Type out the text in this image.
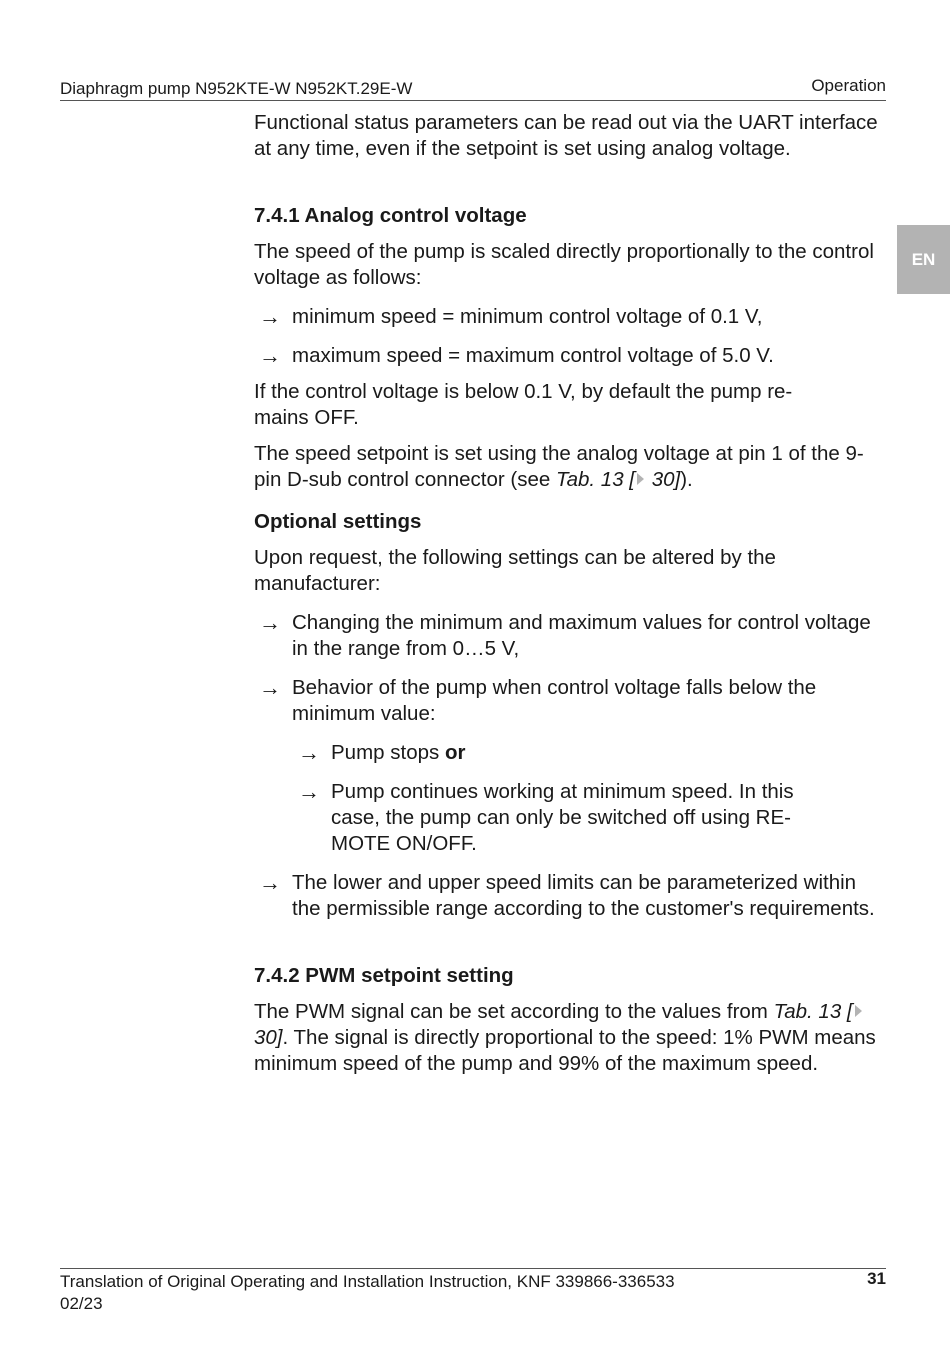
Diaphragm pump N952KTE-W N952KT.29E-W	Operation
EN

Functional status parameters can be read out via the UART interface at any time, even if the setpoint is set using analog voltage.

7.4.1 Analog control voltage

The speed of the pump is scaled directly proportionally to the control voltage as follows:

→ minimum speed = minimum control voltage of 0.1 V,
→ maximum speed = maximum control voltage of 5.0 V.

If the control voltage is below 0.1 V, by default the pump re-
mains OFF.

The speed setpoint is set using the analog voltage at pin 1 of the 9-pin D-sub control connector (see Tab. 13 [ 30]).

Optional settings

Upon request, the following settings can be altered by the manufacturer:

→ Changing the minimum and maximum values for control voltage in the range from 0…5 V,
→ Behavior of the pump when control voltage falls below the minimum value:
→ Pump stops or
→ Pump continues working at minimum speed. In this
case, the pump can only be switched off using RE-
MOTE ON/OFF.
→ The lower and upper speed limits can be parameterized within the permissible range according to the customer's requirements.
7.4.2 PWM setpoint setting

The PWM signal can be set according to the values from Tab. 13 [ 30]. The signal is directly proportional to the speed: 1% PWM means minimum speed of the pump and 99% of the maximum speed.

Translation of Original Operating and Installation Instruction, KNF 339866-336533
02/23
31
